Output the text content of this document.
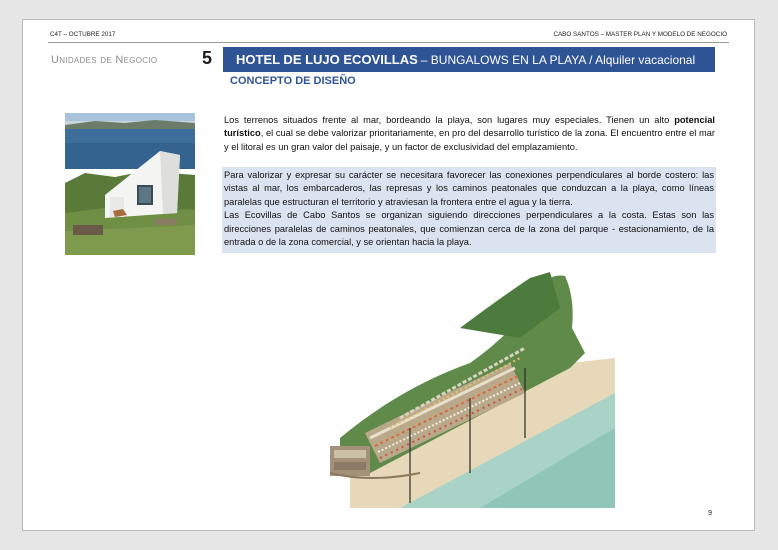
C4T – OCTUBRE 2017	CABO SANTOS – MASTER PLAN Y MODELO DE NEGOCIO
Unidades de Negocio 5 HOTEL DE LUJO ECOVILLAS – BUNGALOWS EN LA PLAYA / Alquiler vacacional
CONCEPTO DE DISEÑO
Los terrenos situados frente al mar, bordeando la playa, son lugares muy especiales. Tienen un alto potencial turístico, el cual se debe valorizar prioritariamente, en pro del desarrollo turístico de la zona. El encuentro entre el mar y el litoral es un gran valor del paisaje, y un factor de exclusividad del emplazamiento.

Para valorizar y expresar su carácter se necesitara favorecer las conexiones perpendiculares al borde costero: las vistas al mar, los embarcaderos, las represas y los caminos peatonales que conduzcan a la playa, como líneas paralelas que estructuran el territorio y atraviesan la frontera entre el agua y la tierra.

Las Ecovillas de Cabo Santos se organizan siguiendo direcciones perpendiculares a la costa. Estas son las direcciones paralelas de caminos peatonales, que comienzan cerca de la zona del parque - estacionamiento, de la entrada o de la zona comercial, y se orientan hacia la playa.

9
